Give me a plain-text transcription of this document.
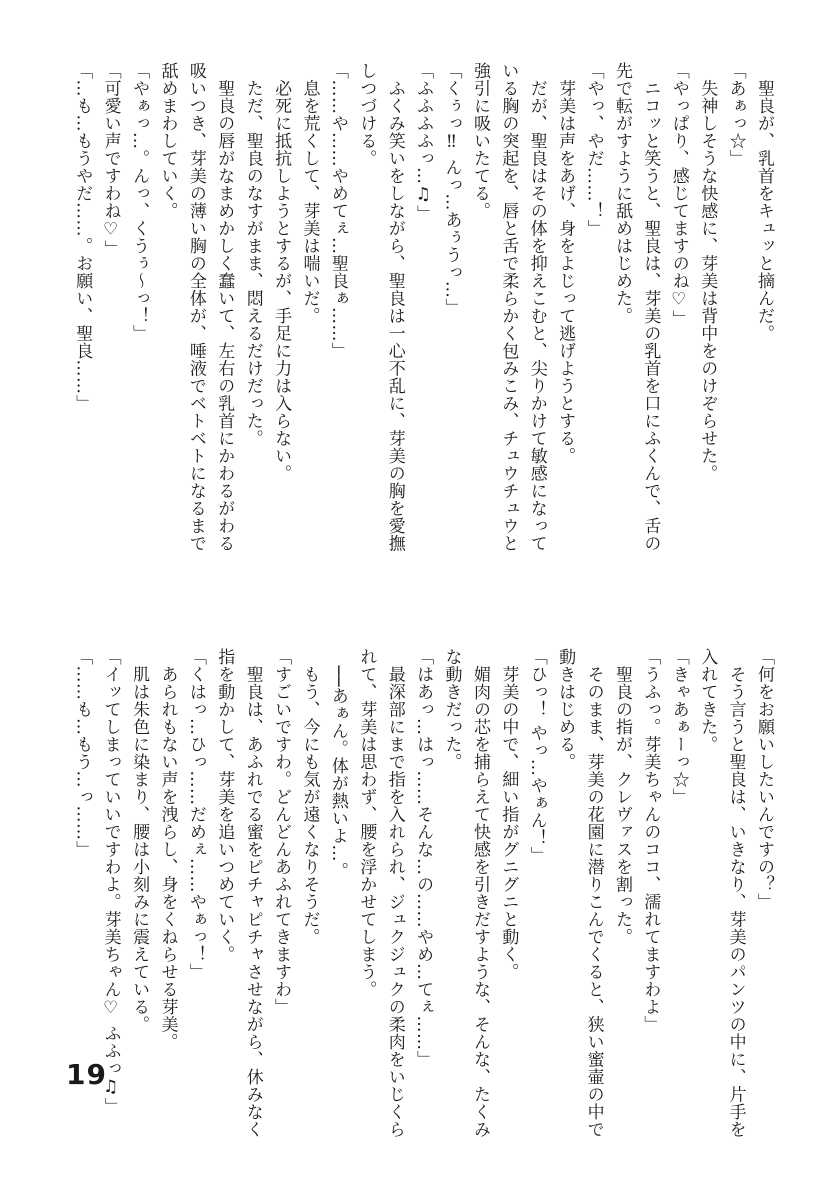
　聖良が、乳首をキュッと摘んだ。
「あぁっ☆」
　失神しそうな快感に、芽美は背中をのけぞらせた。
「やっぱり、感じてますのね♡」
　ニコッと笑うと、聖良は、芽美の乳首を口にふくんで、舌の
先で転がすように舐めはじめた。
「やっ、やだ……！」
　芽美は声をあげ、身をよじって逃げようとする。
　だが、聖良はその体を抑えこむと、尖りかけて敏感になって
いる胸の突起を、唇と舌で柔らかく包みこみ、チュウチュウと
強引に吸いたてる。
「くぅっ‼ んっ…あぅうっ…」
「ふふふふっ…♫」
　ふくみ笑いをしながら、聖良は一心不乱に、芽美の胸を愛撫
しつづける。
「……や……やめてぇ…聖良ぁ……」
　息を荒くして、芽美は喘いだ。
　必死に抵抗しようとするが、手足に力は入らない。
　ただ、聖良のなすがまま、悶えるだけだった。
　聖良の唇がなまめかしく蠢いて、左右の乳首にかわるがわる
吸いつき、芽美の薄い胸の全体が、唾液でベトベトになるまで
舐めまわしていく。
「やぁっ…。んっ、くうぅ〜っ！」
「可愛い声ですわね♡」
「…も…もうやだ……。お願い、聖良……」
「何をお願いしたいんですの？」
　そう言うと聖良は、いきなり、芽美のパンツの中に、片手を
入れてきた。
「きゃあぁーっ☆」
「うふっ。芽美ちゃんのココ、濡れてますわよ」
　聖良の指が、クレヴァスを割った。
　そのまま、芽美の花園に潜りこんでくると、狭い蜜壷の中で
動きはじめる。
「ひっ！ やっ…やぁん！」
　芽美の中で、細い指がグニグニと動く。
　媚肉の芯を捕らえて快感を引きだすような、そんな、たくみ
な動きだった。
「はあっ…はっ……そんな…の……やめ…てぇ……」
　最深部にまで指を入れられ、ジュクジュクの柔肉をいじくら
れて、芽美は思わず、腰を浮かせてしまう。
　──あぁん。体が熱いよ…。
　もう、今にも気が遠くなりそうだ。
「すごいですわ。どんどんあふれてきますわ」
　聖良は、あふれでる蜜をピチャピチャさせながら、休みなく
指を動かして、芽美を追いつめていく。
「くはっ…ひっ……だめぇ……やぁっ！」
　あられもない声を洩らし、身をくねらせる芽美。
　肌は朱色に染まり、腰は小刻みに震えている。
「イッてしまっていいですわよ。芽美ちゃん♡ ふふっ♫」
「……も…もう…っ……」
19
